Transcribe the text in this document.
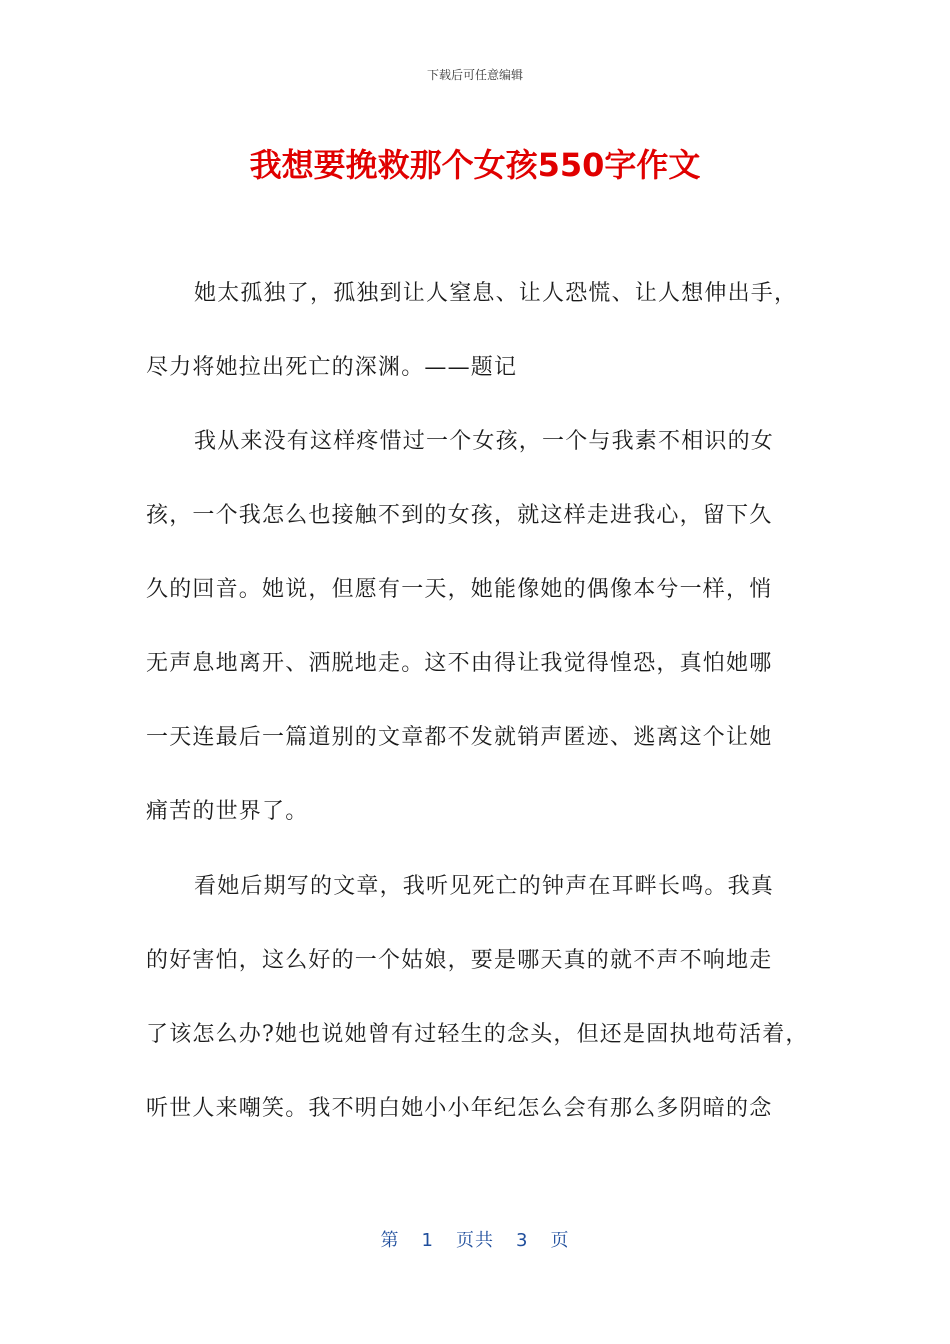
下载后可任意编辑
我想要挽救那个女孩550字作文
她太孤独了，孤独到让人窒息、让人恐慌、让人想伸出手，
尽力将她拉出死亡的深渊。——题记
我从来没有这样疼惜过一个女孩，一个与我素不相识的女
孩，一个我怎么也接触不到的女孩，就这样走进我心，留下久
久的回音。她说，但愿有一天，她能像她的偶像本兮一样，悄
无声息地离开、洒脱地走。这不由得让我觉得惶恐，真怕她哪
一天连最后一篇道别的文章都不发就销声匿迹、逃离这个让她
痛苦的世界了。
看她后期写的文章，我听见死亡的钟声在耳畔长鸣。我真
的好害怕，这么好的一个姑娘，要是哪天真的就不声不响地走
了该怎么办?她也说她曾有过轻生的念头，但还是固执地苟活着，
听世人来嘲笑。我不明白她小小年纪怎么会有那么多阴暗的念
第 1 页共 3 页
